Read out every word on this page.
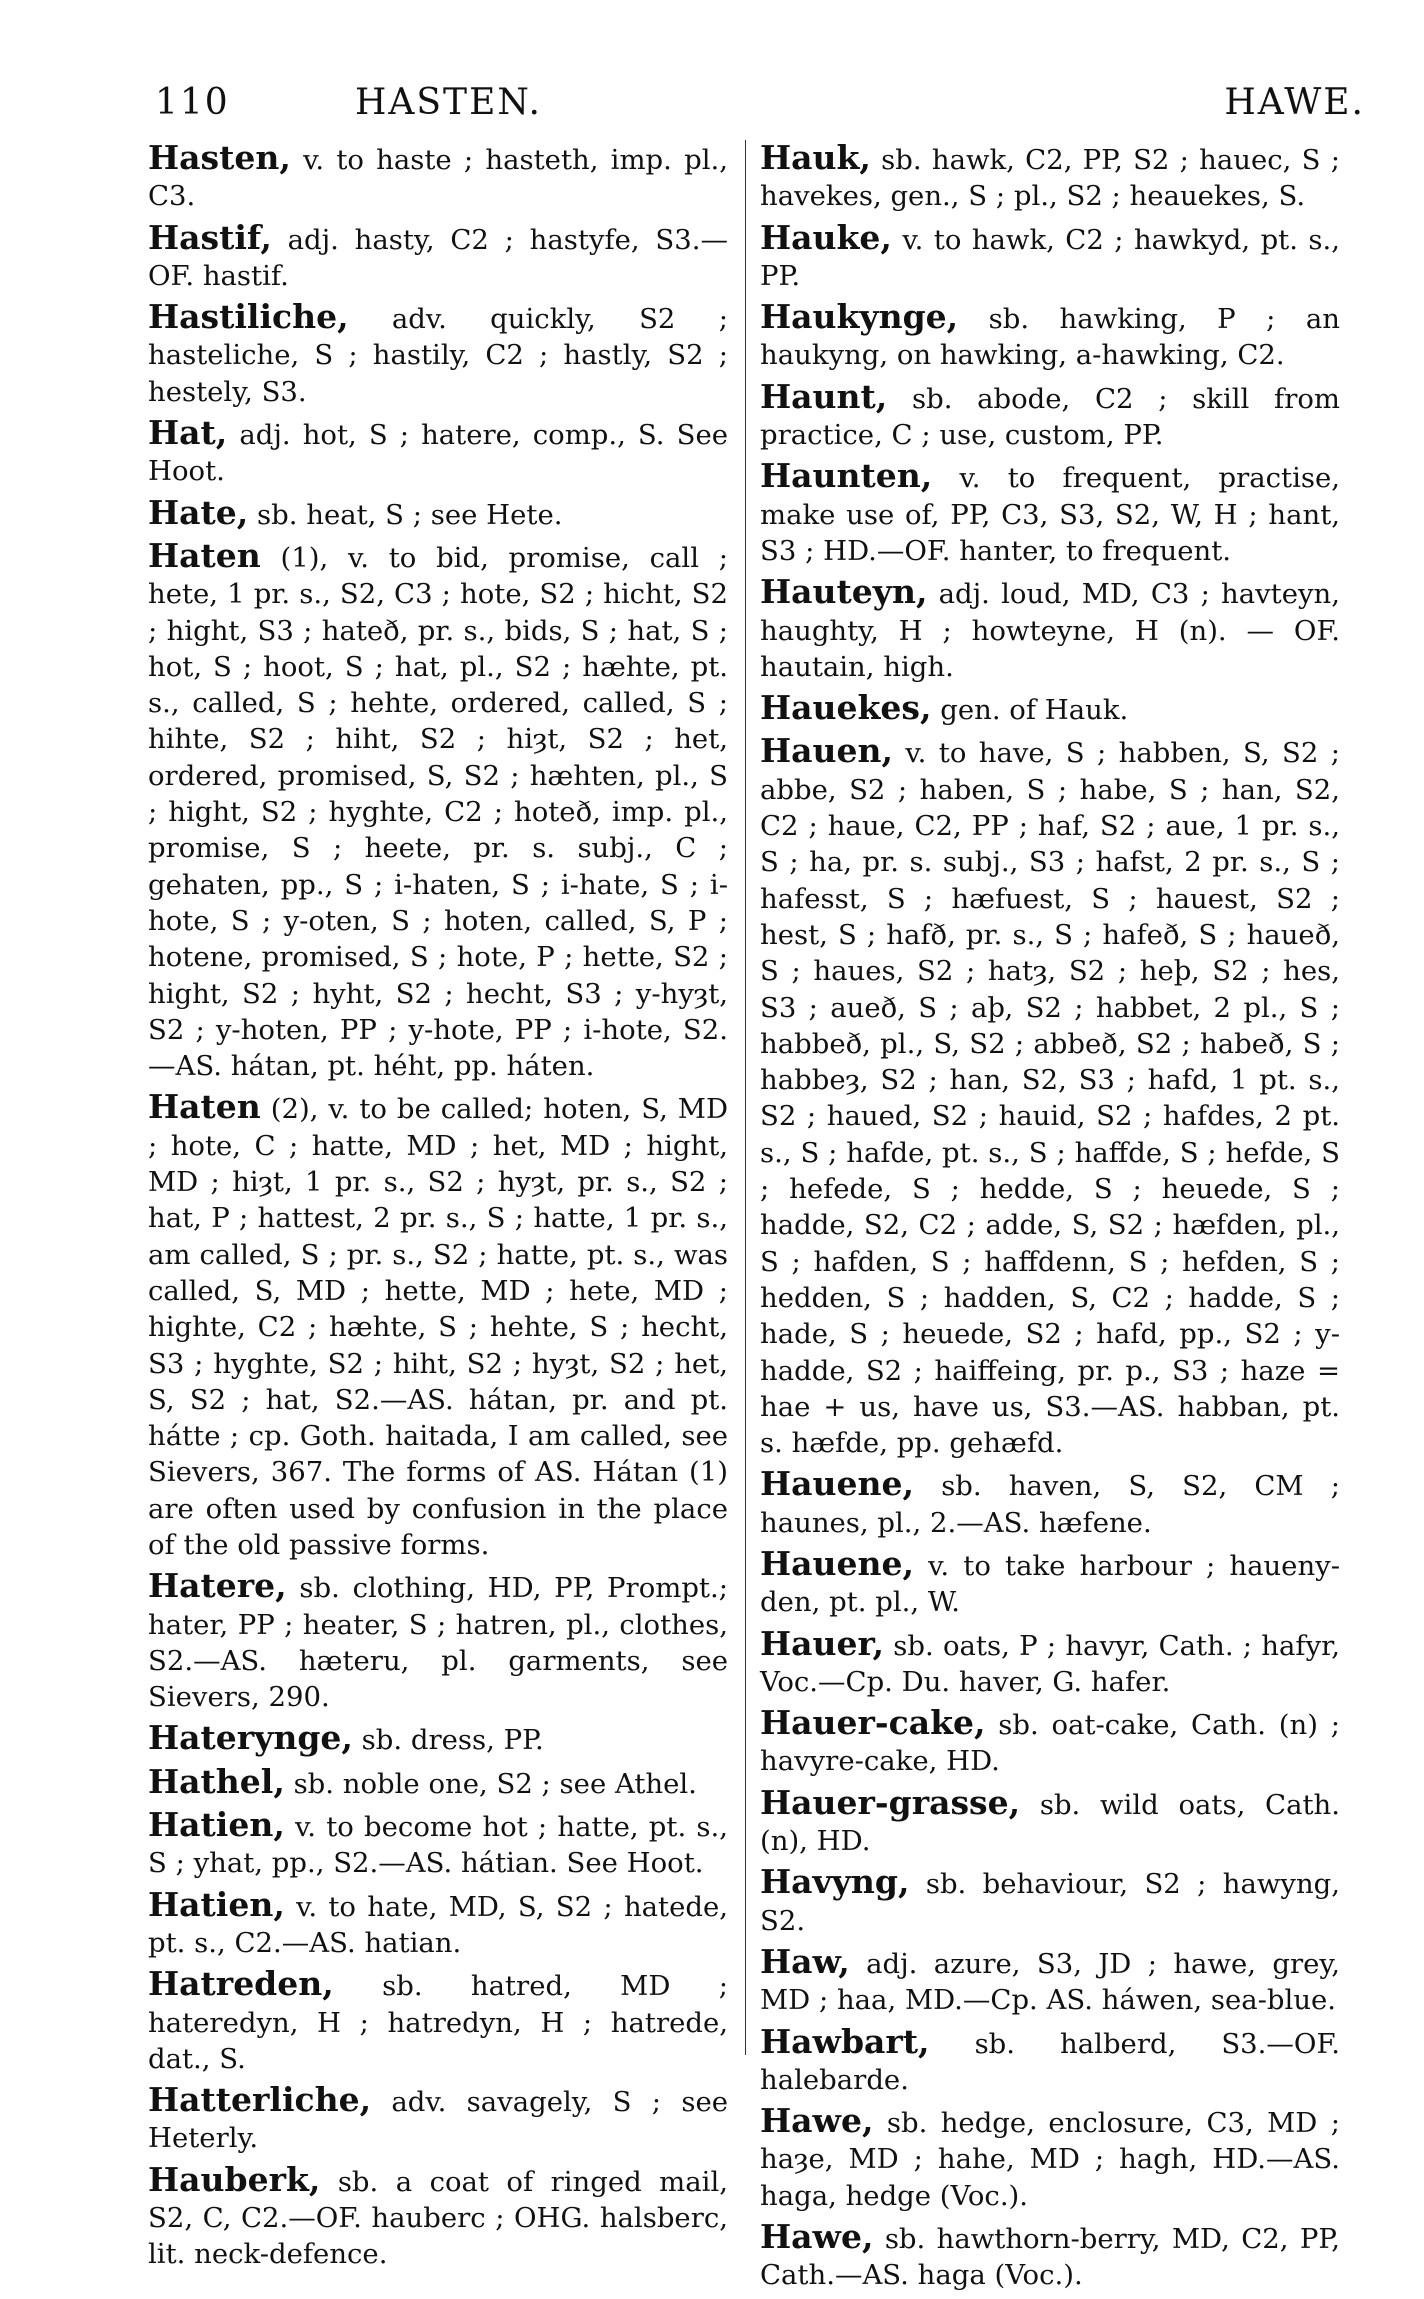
110	HASTEN.	HAWE.

Hasten, v. to haste ; hasteth, imp. pl., C3.

Hastif, adj. hasty, C2 ; hastyfe, S3.—OF. hastif.

Hastiliche, adv. quickly, S2 ; hasteliche, S ; hastily, C2 ; hastly, S2 ; hestely, S3.

Hat, adj. hot, S ; hatere, comp., S. See Hoot.

Hate, sb. heat, S ; see Hete.

Haten (1), v. to bid, promise, call ; hete, 1 pr. s., S2, C3 ; hote, S2 ; hicht, S2 ; hight, S3 ; hateð, pr. s., bids, S ; hat, S ; hot, S ; hoot, S ; hat, pl., S2 ; hæhte, pt. s., called, S ; hehte, ordered, called, S ; hihte, S2 ; hiht, S2 ; hiȝt, S2 ; het, ordered, promised, S, S2 ; hæhten, pl., S ; hight, S2 ; hyghte, C2 ; hoteð, imp. pl., promise, S ; heete, pr. s. subj., C ; gehaten, pp., S ; i-haten, S ; i-hate, S ; i-hote, S ; y-oten, S ; hoten, called, S, P ; hotene, promised, S ; hote, P ; hette, S2 ; hight, S2 ; hyht, S2 ; hecht, S3 ; y-hyȝt, S2 ; y-hoten, PP ; y-hote, PP ; i-hote, S2. —AS. hátan, pt. héht, pp. háten.

Haten (2), v. to be called; hoten, S, MD ; hote, C ; hatte, MD ; het, MD ; hight, MD ; hiȝt, 1 pr. s., S2 ; hyȝt, pr. s., S2 ; hat, P ; hattest, 2 pr. s., S ; hatte, 1 pr. s., am called, S ; pr. s., S2 ; hatte, pt. s., was called, S, MD ; hette, MD ; hete, MD ; highte, C2 ; hæhte, S ; hehte, S ; hecht, S3 ; hyghte, S2 ; hiht, S2 ; hyȝt, S2 ; het, S, S2 ; hat, S2.—AS. hátan, pr. and pt. hátte ; cp. Goth. haitada, I am called, see Sievers, 367. The forms of AS. Hátan (1) are often used by confusion in the place of the old passive forms.

Hatere, sb. clothing, HD, PP, Prompt.; hater, PP ; heater, S ; hatren, pl., clothes, S2.—AS. hæteru, pl. garments, see Sievers, 290.

Haterynge, sb. dress, PP.

Hathel, sb. noble one, S2 ; see Athel.

Hatien, v. to become hot ; hatte, pt. s., S ; yhat, pp., S2.—AS. hátian. See Hoot.

Hatien, v. to hate, MD, S, S2 ; hatede, pt. s., C2.—AS. hatian.

Hatreden, sb. hatred, MD ; hateredyn, H ; hatredyn, H ; hatrede, dat., S.

Hatterliche, adv. savagely, S ; see Heterly.

Hauberk, sb. a coat of ringed mail, S2, C, C2.—OF. hauberc ; OHG. halsberc, lit. neck-defence.

Hauk, sb. hawk, C2, PP, S2 ; hauec, S ; havekes, gen., S ; pl., S2 ; heauekes, S.

Hauke, v. to hawk, C2 ; hawkyd, pt. s., PP.

Haukynge, sb. hawking, P ; an haukyng, on hawking, a-hawking, C2.

Haunt, sb. abode, C2 ; skill from practice, C ; use, custom, PP.

Haunten, v. to frequent, practise, make use of, PP, C3, S3, S2, W, H ; hant, S3 ; HD.—OF. hanter, to frequent.

Hauteyn, adj. loud, MD, C3 ; havteyn, haughty, H ; howteyne, H (n). — OF. hautain, high.

Hauekes, gen. of Hauk.

Hauen, v. to have, S ; habben, S, S2 ; abbe, S2 ; haben, S ; habe, S ; han, S2, C2 ; haue, C2, PP ; haf, S2 ; aue, 1 pr. s., S ; ha, pr. s. subj., S3 ; hafst, 2 pr. s., S ; hafesst, S ; hæfuest, S ; hauest, S2 ; hest, S ; hafð, pr. s., S ; hafeð, S ; haueð, S ; haues, S2 ; hatȝ, S2 ; heþ, S2 ; hes, S3 ; aueð, S ; aþ, S2 ; habbet, 2 pl., S ; habbeð, pl., S, S2 ; abbeð, S2 ; habeð, S ; habbeȝ, S2 ; han, S2, S3 ; hafd, 1 pt. s., S2 ; haued, S2 ; hauid, S2 ; hafdes, 2 pt. s., S ; hafde, pt. s., S ; haffde, S ; hefde, S ; hefede, S ; hedde, S ; heuede, S ; hadde, S2, C2 ; adde, S, S2 ; hæfden, pl., S ; hafden, S ; haffdenn, S ; hefden, S ; hedden, S ; hadden, S, C2 ; hadde, S ; hade, S ; heuede, S2 ; hafd, pp., S2 ; y-hadde, S2 ; haiffeing, pr. p., S3 ; haze = hae + us, have us, S3.—AS. habban, pt. s. hæfde, pp. gehæfd.

Hauene, sb. haven, S, S2, CM ; haunes, pl., 2.—AS. hæfene.

Hauene, v. to take harbour ; haueny-den, pt. pl., W.

Hauer, sb. oats, P ; havyr, Cath. ; hafyr, Voc.—Cp. Du. haver, G. hafer.

Hauer-cake, sb. oat-cake, Cath. (n) ; havyre-cake, HD.

Hauer-grasse, sb. wild oats, Cath. (n), HD.

Havyng, sb. behaviour, S2 ; hawyng, S2.

Haw, adj. azure, S3, JD ; hawe, grey, MD ; haa, MD.—Cp. AS. háwen, sea-blue.

Hawbart, sb. halberd, S3.—OF. halebarde.

Hawe, sb. hedge, enclosure, C3, MD ; haȝe, MD ; hahe, MD ; hagh, HD.—AS. haga, hedge (Voc.).

Hawe, sb. hawthorn-berry, MD, C2, PP, Cath.—AS. haga (Voc.).
